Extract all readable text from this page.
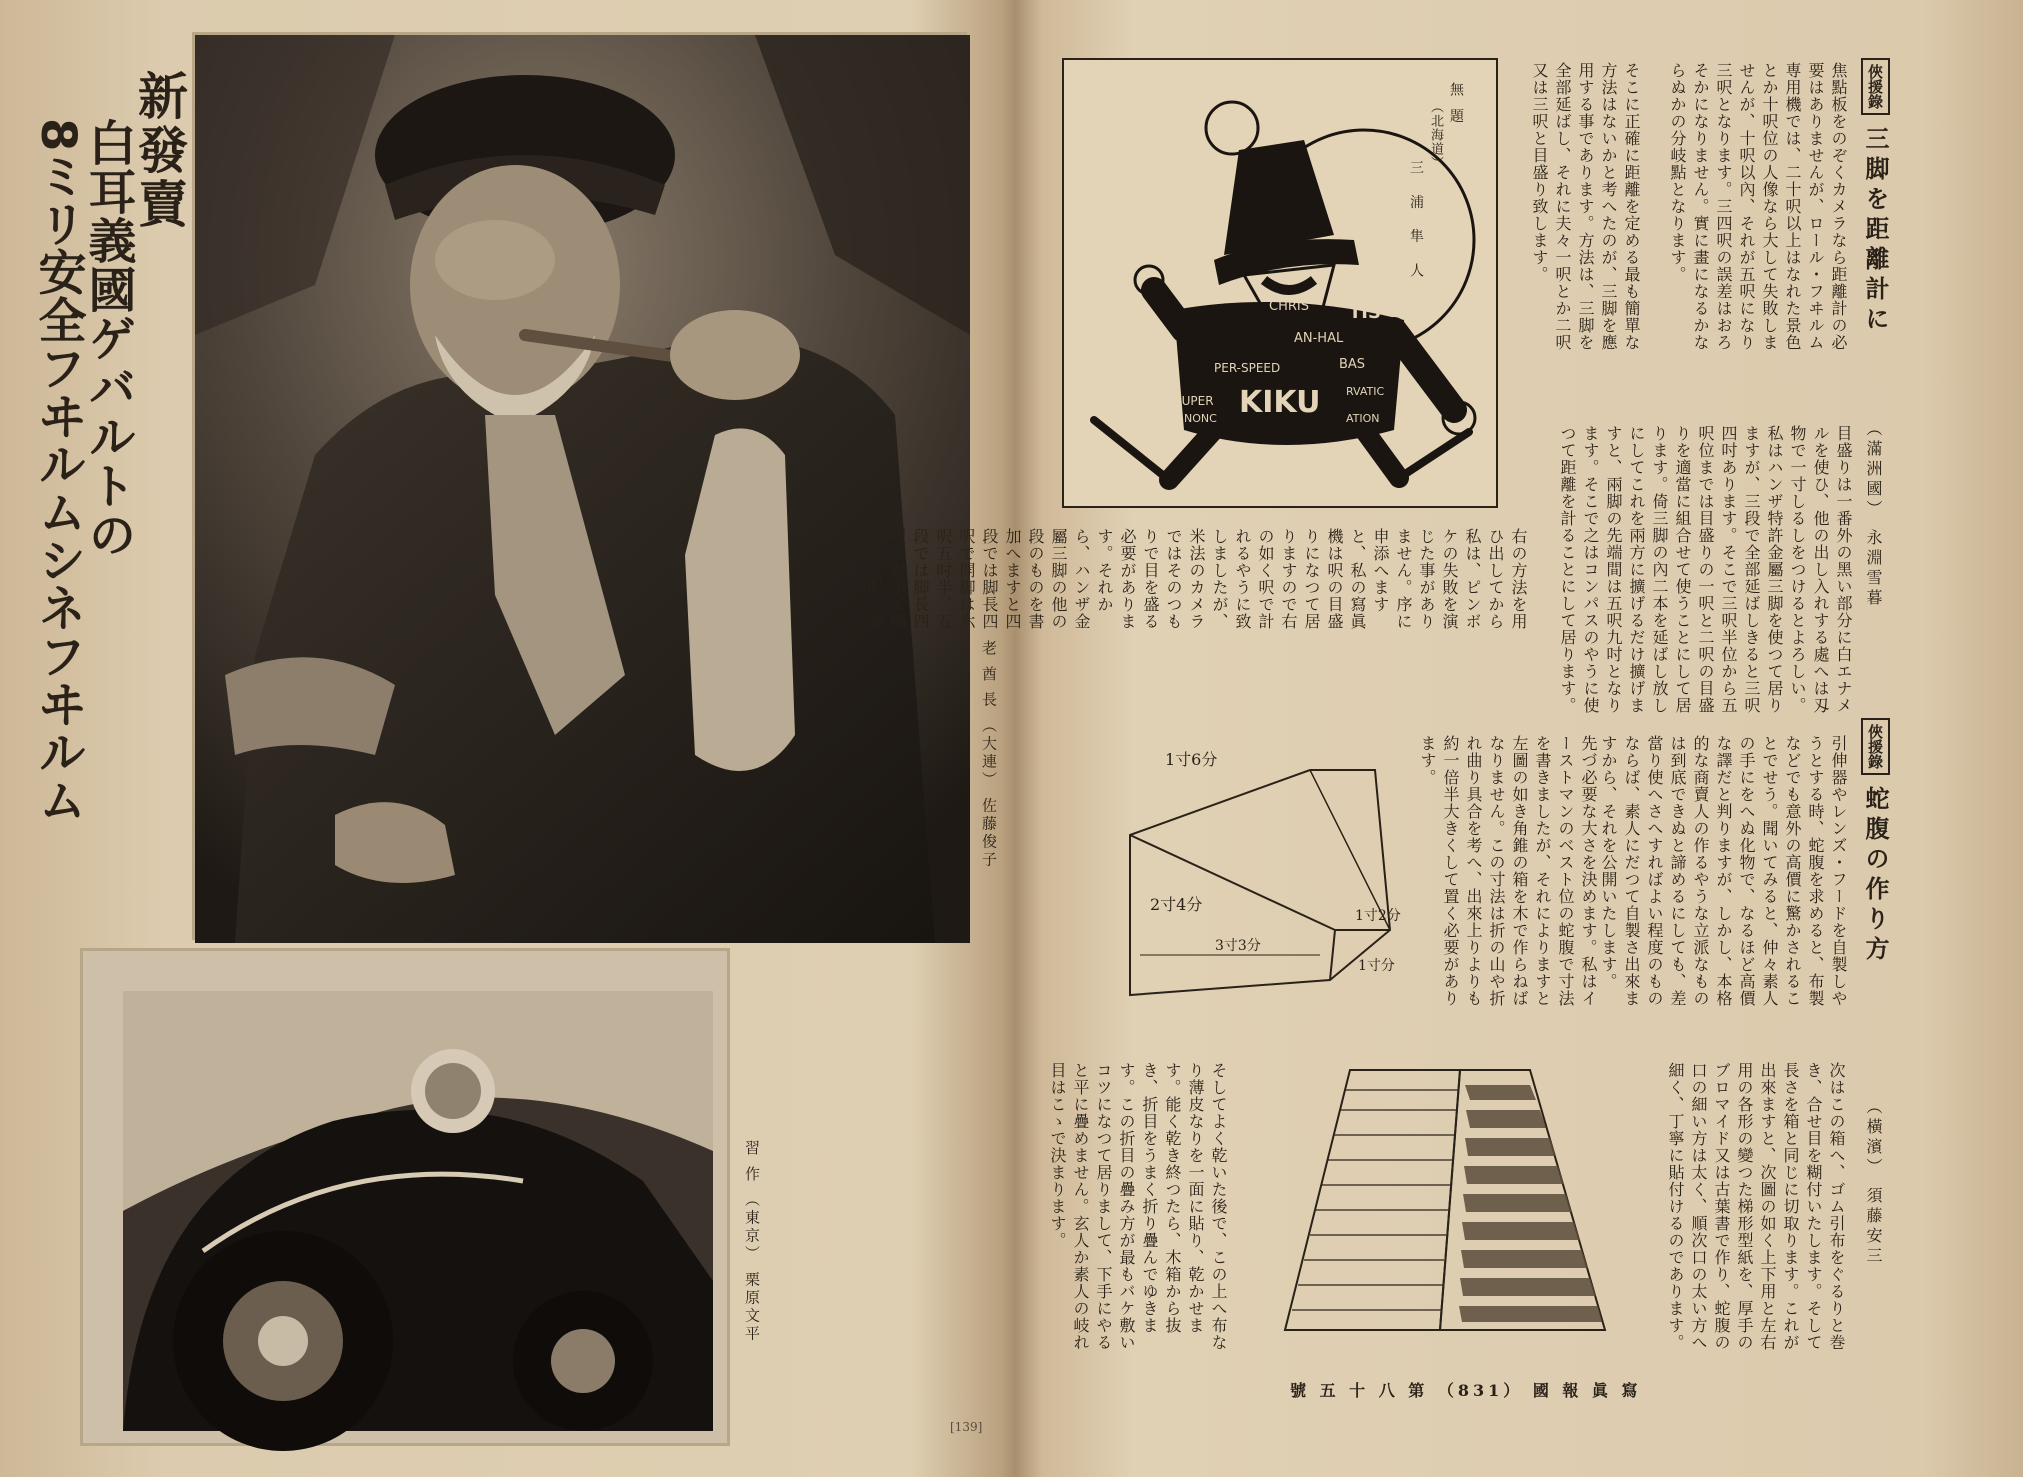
新發賣
白耳義國ゲバルトの
8ミリ安全フヰルムシネフヰルム	老 酋 長 （大連） 佐藤俊子
習 作 （東京） 栗原文平
[139]
俠援錄 三脚を距離計に
焦點板をのぞくカメラなら距離計の必要はありませんが、ロール・フヰルム専用機では、二十呎以上はなれた景色とか十呎位の人像なら大して失敗しませんが、十呎以內、それが五呎になり三呎となります。三四呎の誤差はおろそかになりません。實に畫になるかならぬかの分岐點となります。
そこに正確に距離を定める最も簡單な方法はないかと考へたのが、三脚を應用する事であります。方法は、三脚を全部延ばし、それに夫々一呎とか二呎又は三呎と目盛り致します。
（滿洲國） 永淵雪暮
目盛りは一番外の黑い部分に白エナメルを使ひ、他の出し入れする處へは刄物で一寸しるしをつけるとよろしい。私はハンザ特許金屬三脚を使つて居りますが、三段で全部延ばしきると三呎四吋あります。そこで三呎半位から五呎位までは目盛りの一呎と二呎の目盛りを適當に組合せて使うことにして居ります。倚三脚の內二本を延ばし放しにしてこれを兩方に擴げるだけ擴げますと、兩脚の先端間は五呎九吋となります。そこで之はコンパスのやうに使つて距離を計ることにして居ります。
右の方法を用ひ出してから私は、ピンボケの失敗を演じた事がありません。序に申添へますと、私の寫眞機は呎の目盛りになつて居りますので右の如く呎で計れるやうに致しましたが、米法のカメラではそのつもりで目を盛る必要があります。それから、ハンザ金屬三脚の他の段のものを書加へますと四段では脚長四呎で開脚は六呎五吋半、五段では脚長四呎三吋半で開脚は七呎であります。
無 題
（北海道）
三 浦 隼 人
KIKU
CHRIS TIS
AN-HAL
PER-SPEED	BAS
SUPER
NONC	ATION
RVATIC
俠援錄 蛇腹の作り方
引伸器やレンズ・フードを自製しやうとする時、蛇腹を求めると、布製などでも意外の高價に驚かされることでせう。聞いてみると、仲々素人の手にをへぬ化物で、なるほど高價な譯だと判りますが、しかし、本格的な商賣人の作るやうな立派なものは到底できぬと諦めるにしても、差當り使へさへすればよい程度のものならば、素人にだつて自製さ出來ますから、それを公開いたします。
先づ必要な大さを決めます。私はイーストマンのベスト位の蛇腹で寸法を書きましたが、それによりますと左圖の如き角錐の箱を木で作らねばなりません。この寸法は折の山や折れ曲り具合を考へ、出來上りよりも約一倍半大きくして置く必要があります。
1寸6分
2寸4分
3寸3分
1寸2分
1寸分
（橫濱） 須藤安三
次はこの箱へ、ゴム引布をぐるりと巻き、合せ目を糊付いたします。そして長さを箱と同じに切取ります。これが出來ますと、次圖の如く上下用と左右用の各形の變つた梯形型紙を、厚手のブロマイド又は古葉書で作り、蛇腹の口の細い方は太く、順次口の太い方へ細く、丁寧に貼付けるのであります。
そしてよく乾いた後で、この上へ布なり薄皮なりを一面に貼り、乾かせます。能く乾き終つたら、木箱から抜き、折目をうまく折り疊んでゆきます。この折目の疊み方が最もバケ敷いコツになつて居りまして、下手にやると平に疊めません。玄人か素人の岐れ目はこゝで決まります。
寫 眞 報 國 （138） 第 八 十 五 號
